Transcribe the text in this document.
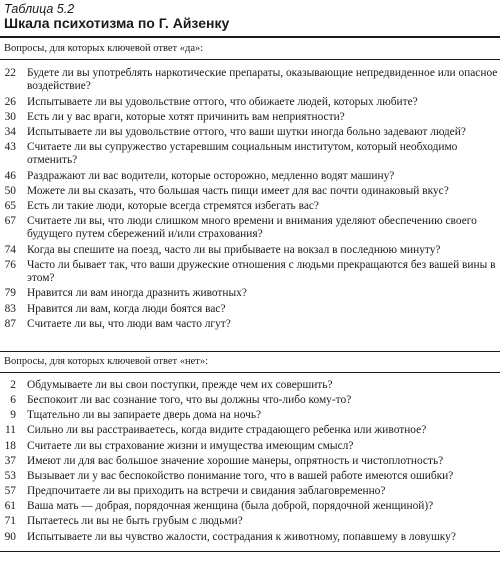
Таблица 5.2
Шкала психотизма по Г. Айзенку
Вопросы, для которых ключевой ответ «да»:
22 Будете ли вы употреблять наркотические препараты, оказывающие непредвиденное или опасное воздействие?
26 Испытываете ли вы удовольствие оттого, что обижаете людей, которых любите?
30 Есть ли у вас враги, которые хотят причинить вам неприятности?
34 Испытываете ли вы удовольствие оттого, что ваши шутки иногда больно задевают людей?
43 Считаете ли вы супружество устаревшим социальным институтом, который необходимо отменить?
46 Раздражают ли вас водители, которые осторожно, медленно водят машину?
50 Можете ли вы сказать, что большая часть пищи имеет для вас почти одинаковый вкус?
65 Есть ли такие люди, которые всегда стремятся избегать вас?
67 Считаете ли вы, что люди слишком много времени и внимания уделяют обеспечению своего будущего путем сбережений и/или страхования?
74 Когда вы спешите на поезд, часто ли вы прибываете на вокзал в последнюю минуту?
76 Часто ли бывает так, что ваши дружеские отношения с людьми прекращаются без вашей вины в этом?
79 Нравится ли вам иногда дразнить животных?
83 Нравится ли вам, когда люди боятся вас?
87 Считаете ли вы, что люди вам часто лгут?
Вопросы, для которых ключевой ответ «нет»:
2 Обдумываете ли вы свои поступки, прежде чем их совершить?
6 Беспокоит ли вас сознание того, что вы должны что-либо кому-то?
9 Тщательно ли вы запираете дверь дома на ночь?
11 Сильно ли вы расстраиваетесь, когда видите страдающего ребенка или животное?
18 Считаете ли вы страхование жизни и имущества имеющим смысл?
37 Имеют ли для вас большое значение хорошие манеры, опрятность и чистоплотность?
53 Вызывает ли у вас беспокойство понимание того, что в вашей работе имеются ошибки?
57 Предпочитаете ли вы приходить на встречи и свидания заблаговременно?
61 Ваша мать — добрая, порядочная женщина (была доброй, порядочной женщиной)?
71 Пытаетесь ли вы не быть грубым с людьми?
90 Испытываете ли вы чувство жалости, сострадания к животному, попавшему в ловушку?
